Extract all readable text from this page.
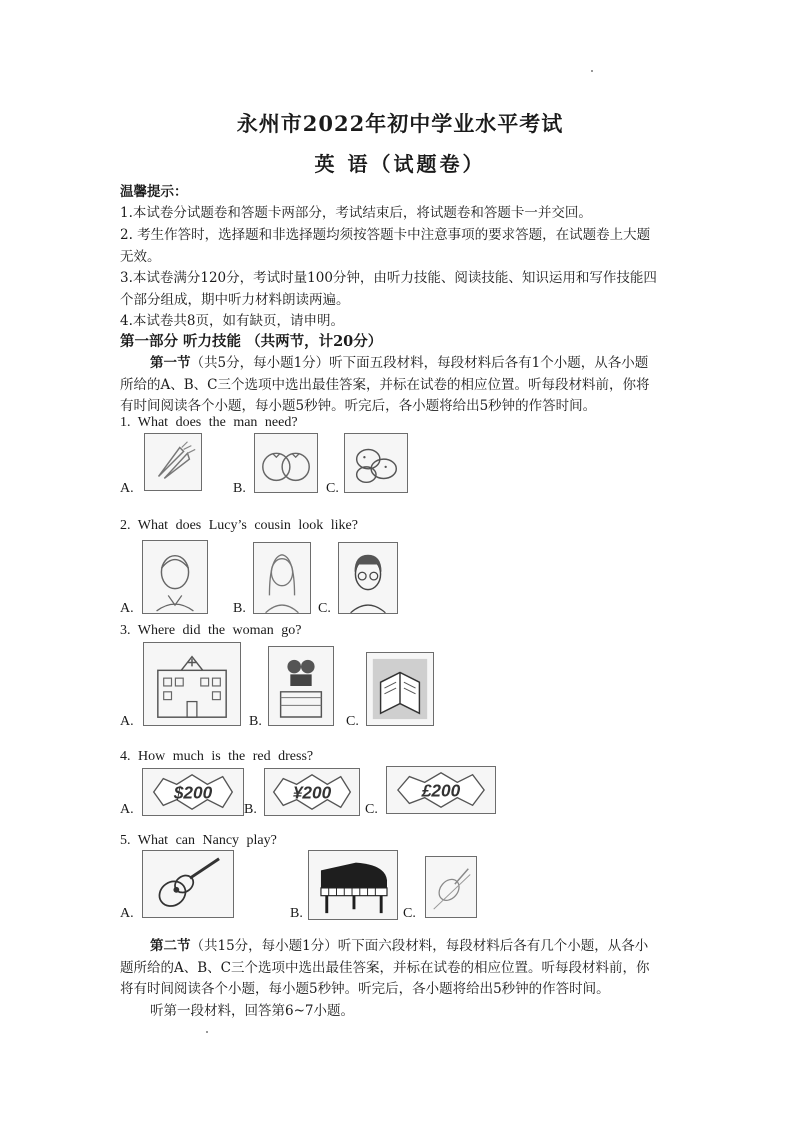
永州市2022年初中学业水平考试
英 语（试题卷）
温馨提示：
1.本试卷分试题卷和答题卡两部分，考试结束后，将试题卷和答题卡一并交回。
2. 考生作答时，选择题和非选择题均须按答题卡中注意事项的要求答题，在试题卷上大题
无效。
3.本试卷满分120分，考试时量100分钟，由听力技能、阅读技能、知识运用和写作技能四
个部分组成，期中听力材料朗读两遍。
4.本试卷共8页，如有缺页，请申明。
第一部分 听力技能 （共两节，计20分）
第一节（共5分，每小题1分）听下面五段材料，每段材料后各有1个小题，从各小题
所给的A、B、C三个选项中选出最佳答案，并标在试卷的相应位置。听每段材料前，你将
有时间阅读各个小题，每小题5秒钟。听完后，各小题将给出5秒钟的作答时间。
1. What does the man need?
A.	B.	C.
2. What does Lucy’s cousin look like?
A.	B.	C.
3. Where did the woman go?
A.	B.	C.
4. How much is the red dress?
A.
$200
B.
¥200
C.
£200
5. What can Nancy play?
A.	B.	C.
第二节（共15分，每小题1分）听下面六段材料，每段材料后各有几个小题，从各小
题所给的A、B、C三个选项中选出最佳答案，并标在试卷的相应位置。听每段材料前，你
将有时间阅读各个小题，每小题5秒钟。听完后，各小题将给出5秒钟的作答时间。
听第一段材料，回答第6~7小题。
